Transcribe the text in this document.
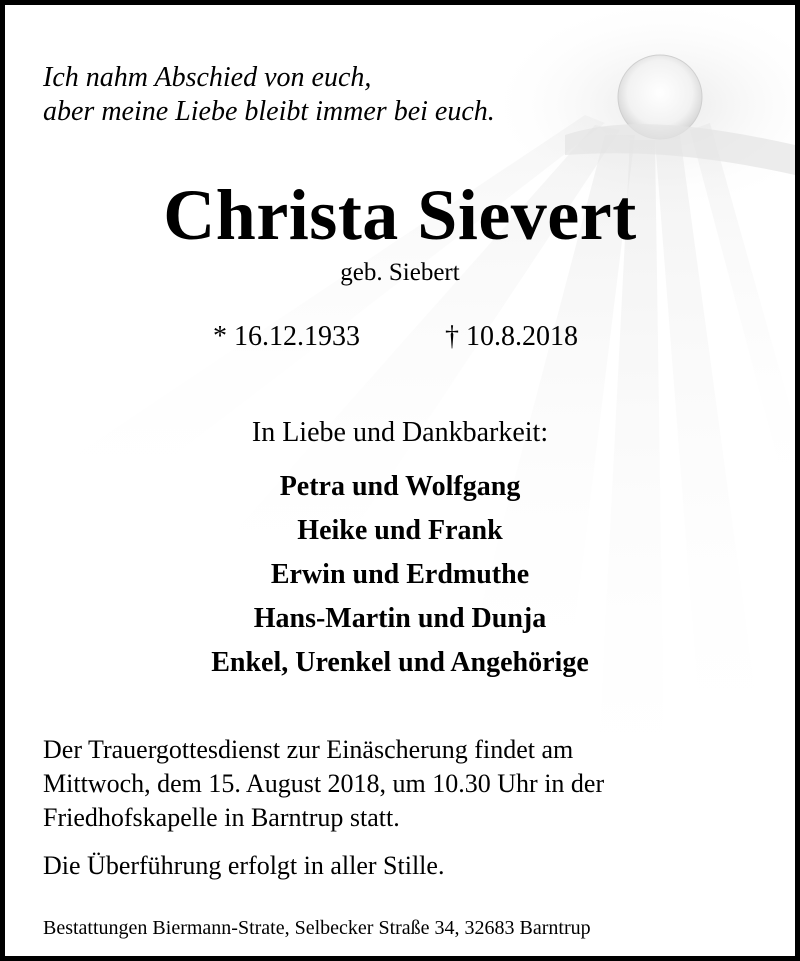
Ich nahm Abschied von euch,
aber meine Liebe bleibt immer bei euch.
Christa Sievert
geb. Siebert
* 16.12.1933	† 10.8.2018
In Liebe und Dankbarkeit:
Petra und Wolfgang
Heike und Frank
Erwin und Erdmuthe
Hans-Martin und Dunja
Enkel, Urenkel und Angehörige
Der Trauergottesdienst zur Einäscherung findet am
Mittwoch, dem 15. August 2018, um 10.30 Uhr in der
Friedhofskapelle in Barntrup statt.
Die Überführung erfolgt in aller Stille.
Bestattungen Biermann-Strate, Selbecker Straße 34, 32683 Barntrup
